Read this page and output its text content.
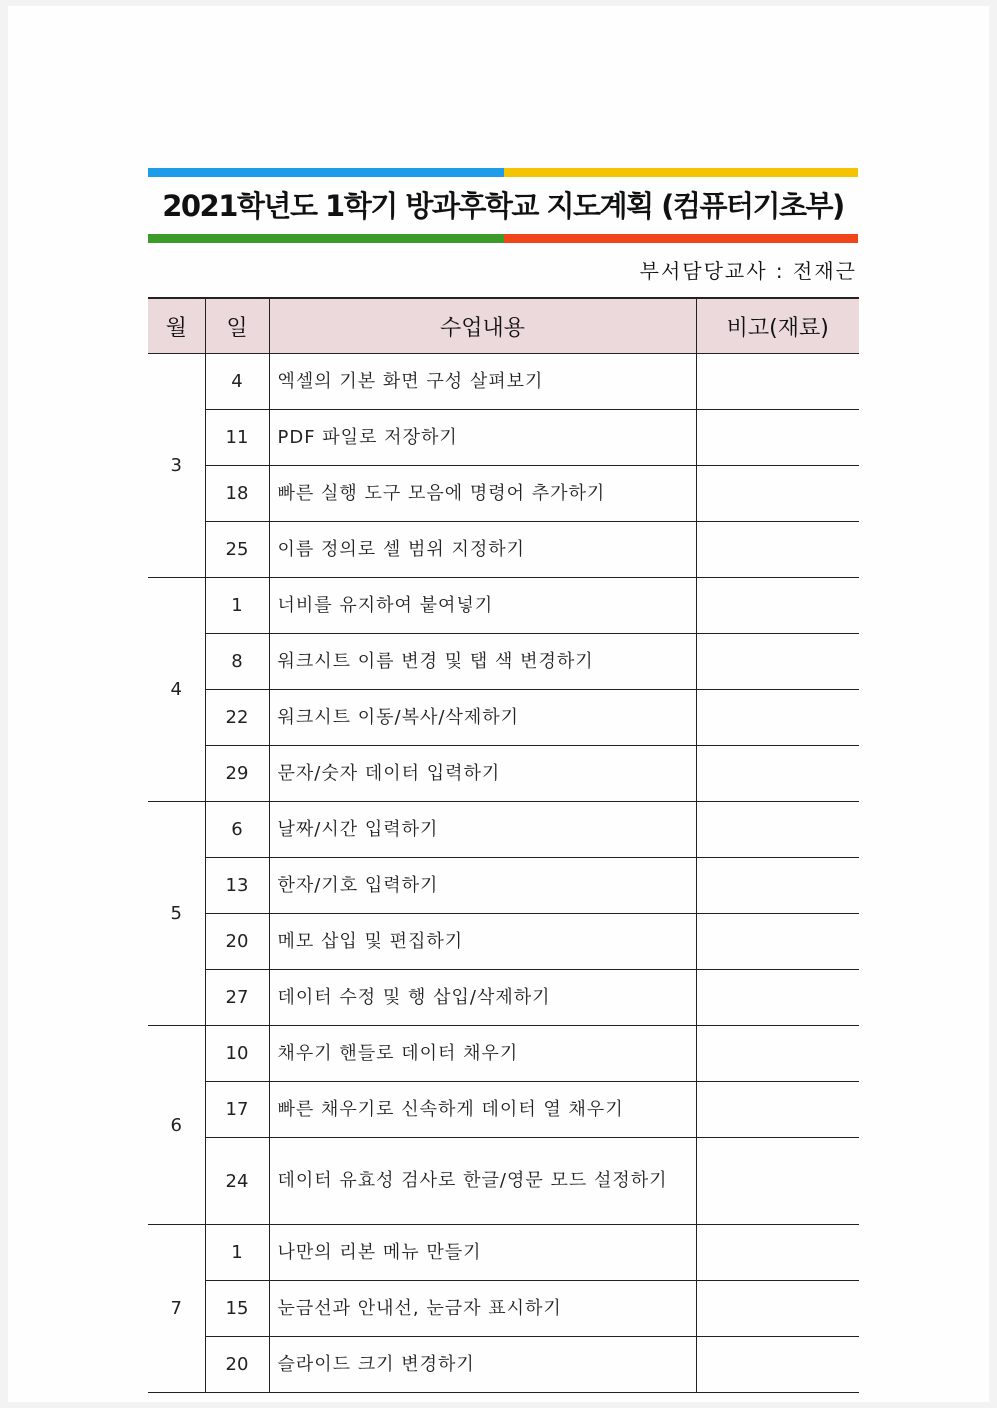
2021학년도 1학기 방과후학교 지도계획 (컴퓨터기초부)
부서담당교사 : 전재근
월	일	수업내용	비고(재료)
3	4	엑셀의 기본 화면 구성 살펴보기	
	11	PDF 파일로 저장하기	
	18	빠른 실행 도구 모음에 명령어 추가하기	
	25	이름 정의로 셀 범위 지정하기	
4	1	너비를 유지하여 붙여넣기	
	8	워크시트 이름 변경 및 탭 색 변경하기	
	22	워크시트 이동/복사/삭제하기	
	29	문자/숫자 데이터 입력하기	
5	6	날짜/시간 입력하기	
	13	한자/기호 입력하기	
	20	메모 삽입 및 편집하기	
	27	데이터 수정 및 행 삽입/삭제하기	
6	10	채우기 핸들로 데이터 채우기	
	17	빠른 채우기로 신속하게 데이터 열 채우기	
	24	데이터 유효성 검사로 한글/영문 모드 설정하기	
7	1	나만의 리본 메뉴 만들기	
	15	눈금선과 안내선, 눈금자 표시하기	
	20	슬라이드 크기 변경하기	
